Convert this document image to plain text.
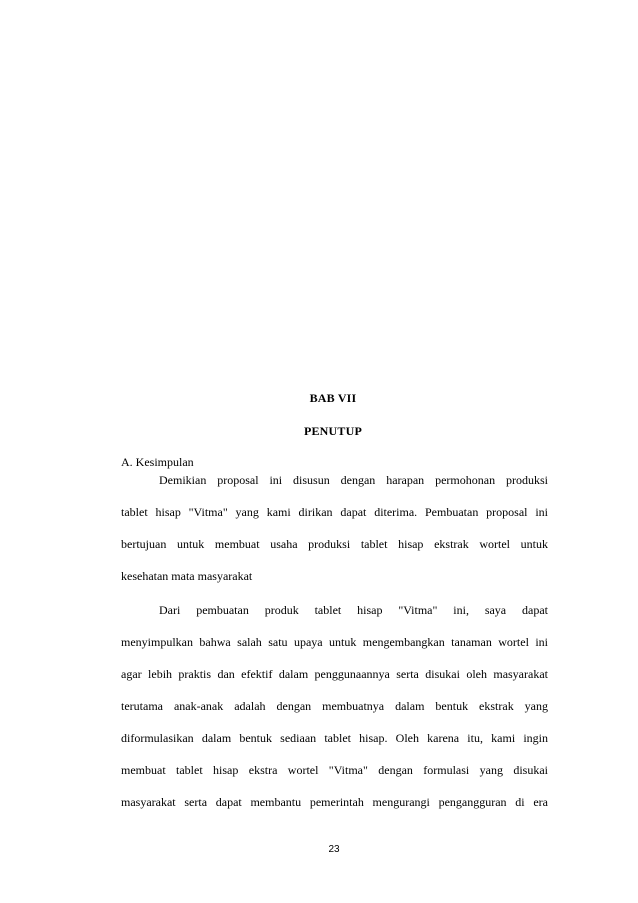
BAB VII
PENUTUP
A. Kesimpulan
Demikian proposal ini disusun dengan harapan permohonan produksi
tablet hisap "Vitma" yang kami dirikan dapat diterima. Pembuatan proposal ini
bertujuan untuk membuat usaha produksi tablet hisap ekstrak wortel untuk
kesehatan mata masyarakat
Dari pembuatan produk tablet hisap "Vitma" ini, saya dapat
menyimpulkan bahwa salah satu upaya untuk mengembangkan tanaman wortel ini
agar lebih praktis dan efektif dalam penggunaannya serta disukai oleh masyarakat
terutama anak-anak adalah dengan membuatnya dalam bentuk ekstrak yang
diformulasikan dalam bentuk sediaan tablet hisap. Oleh karena itu, kami ingin
membuat tablet hisap ekstra wortel "Vitma" dengan formulasi yang disukai
masyarakat serta dapat membantu pemerintah mengurangi pengangguran di era
23
